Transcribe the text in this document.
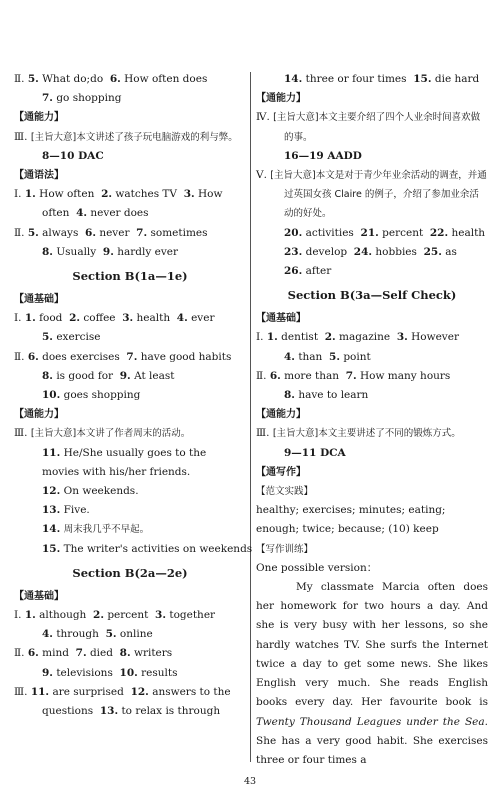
Ⅱ. 5. What do;do 6. How often does
7. go shopping
【通能力】
Ⅲ. [主旨大意]本文讲述了孩子玩电脑游戏的利与弊。
8—10 DAC
【通语法】
Ⅰ. 1. How often 2. watches TV 3. How
often 4. never does
Ⅱ. 5. always 6. never 7. sometimes
8. Usually 9. hardly ever
Section B(1a—1e)
【通基础】
Ⅰ. 1. food 2. coffee 3. health 4. ever
5. exercise
Ⅱ. 6. does exercises 7. have good habits
8. is good for 9. At least
10. goes shopping
【通能力】
Ⅲ. [主旨大意]本文讲了作者周末的活动。
11. He/She usually goes to the movies with his/her friends.
12. On weekends.
13. Five.
14. 周末我几乎不早起。
15. The writer's activities on weekends
Section B(2a—2e)
【通基础】
Ⅰ. 1. although 2. percent 3. together
4. through 5. online
Ⅱ. 6. mind 7. died 8. writers
9. televisions 10. results
Ⅲ. 11. are surprised 12. answers to the questions 13. to relax is through
14. three or four times 15. die hard
【通能力】
Ⅳ. [主旨大意]本文主要介绍了四个人业余时间喜欢做的事。
16—19 AADD
Ⅴ. [主旨大意]本文是对于青少年业余活动的调查，并通过英国女孩 Claire 的例子，介绍了参加业余活动的好处。
20. activities 21. percent 22. health
23. develop 24. hobbies 25. as
26. after
Section B(3a—Self Check)
【通基础】
Ⅰ. 1. dentist 2. magazine 3. However
4. than 5. point
Ⅱ. 6. more than 7. How many hours
8. have to learn
【通能力】
Ⅲ. [主旨大意]本文主要讲述了不同的锻炼方式。
9—11 DCA
【通写作】
【范文实践】
healthy; exercises; minutes; eating; enough; twice; because; (10) keep
【写作训练】
One possible version：

My classmate Marcia often does her homework for two hours a day. And she is very busy with her lessons, so she hardly watches TV. She surfs the Internet twice a day to get some news. She likes English very much. She reads English books every day. Her favourite book is Twenty Thousand Leagues under the Sea. She has a very good habit. She exercises three or four times a

43
